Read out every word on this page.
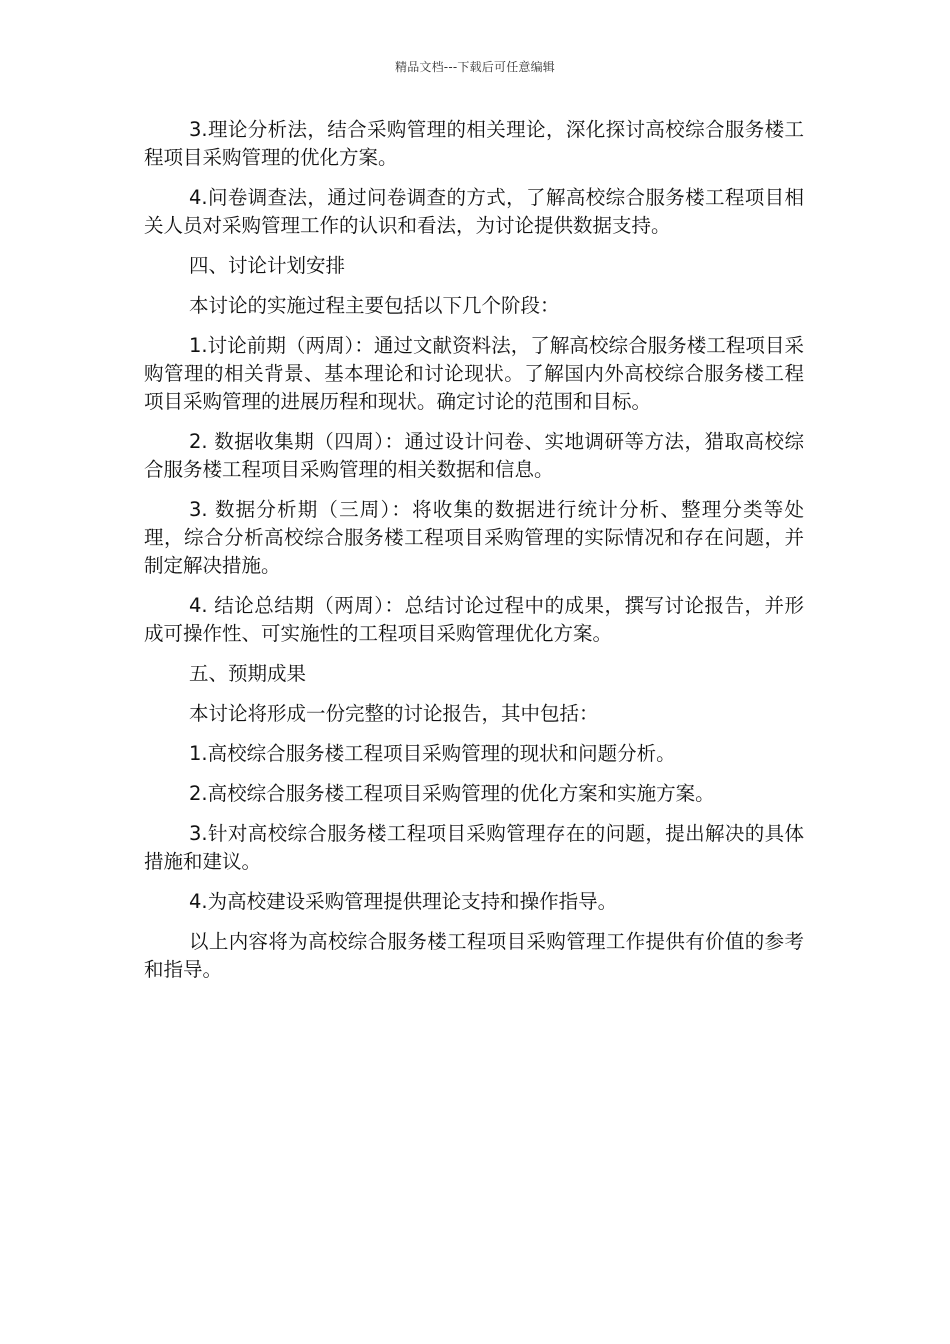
精品文档---下载后可任意编辑

3.理论分析法，结合采购管理的相关理论，深化探讨高校综合服务楼工程项目采购管理的优化方案。

4.问卷调查法，通过问卷调查的方式，了解高校综合服务楼工程项目相关人员对采购管理工作的认识和看法，为讨论提供数据支持。

四、讨论计划安排

本讨论的实施过程主要包括以下几个阶段：

1.讨论前期（两周）：通过文献资料法，了解高校综合服务楼工程项目采购管理的相关背景、基本理论和讨论现状。了解国内外高校综合服务楼工程项目采购管理的进展历程和现状。确定讨论的范围和目标。

2. 数据收集期（四周）：通过设计问卷、实地调研等方法，猎取高校综合服务楼工程项目采购管理的相关数据和信息。

3. 数据分析期（三周）：将收集的数据进行统计分析、整理分类等处理，综合分析高校综合服务楼工程项目采购管理的实际情况和存在问题，并制定解决措施。

4. 结论总结期（两周）：总结讨论过程中的成果，撰写讨论报告，并形成可操作性、可实施性的工程项目采购管理优化方案。

五、预期成果

本讨论将形成一份完整的讨论报告，其中包括：

1.高校综合服务楼工程项目采购管理的现状和问题分析。

2.高校综合服务楼工程项目采购管理的优化方案和实施方案。

3.针对高校综合服务楼工程项目采购管理存在的问题，提出解决的具体措施和建议。

4.为高校建设采购管理提供理论支持和操作指导。

以上内容将为高校综合服务楼工程项目采购管理工作提供有价值的参考和指导。
